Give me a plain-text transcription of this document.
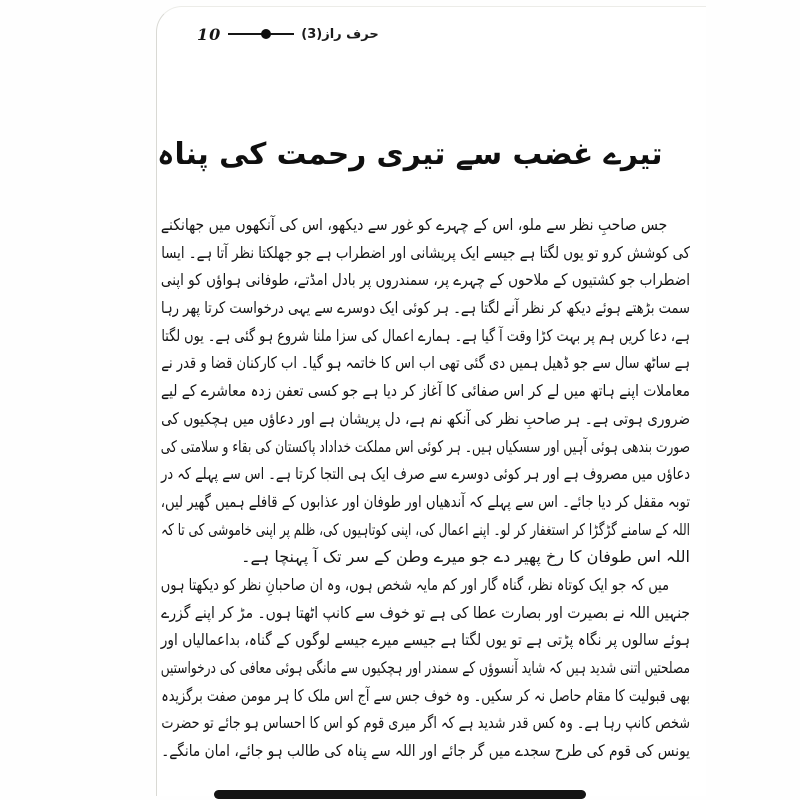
10	حرف راز(3)
تیرے غضب سے تیری رحمت کی پناہ
جس صاحبِ نظر سے ملو، اس کے چہرے کو غور سے دیکھو، اس کی آنکھوں میں جھانکنے
کی کوشش کرو تو یوں لگتا ہے جیسے ایک پریشانی اور اضطراب ہے جو جھلکتا نظر آتا ہے۔ ایسا
اضطراب جو کشتیوں کے ملاحوں کے چہرے پر، سمندروں پر بادل امڈتے، طوفانی ہواؤں کو اپنی
سمت بڑھتے ہوئے دیکھ کر نظر آنے لگتا ہے۔ ہر کوئی ایک دوسرے سے یہی درخواست کرتا پھر رہا
ہے، دعا کریں ہم پر بہت کڑا وقت آ گیا ہے۔ ہمارے اعمال کی سزا ملنا شروع ہو گئی ہے۔ یوں لگتا
ہے ساٹھ سال سے جو ڈھیل ہمیں دی گئی تھی اب اس کا خاتمہ ہو گیا۔ اب کارکنان قضا و قدر نے
معاملات اپنے ہاتھ میں لے کر اس صفائی کا آغاز کر دیا ہے جو کسی تعفن زدہ معاشرے کے لیے
ضروری ہوتی ہے۔ ہر صاحبِ نظر کی آنکھ نم ہے، دل پریشان ہے اور دعاؤں میں ہچکیوں کی
صورت بندھی ہوئی آہیں اور سسکیاں ہیں۔ ہر کوئی اس مملکت خداداد پاکستان کی بقاء و سلامتی کی
دعاؤں میں مصروف ہے اور ہر کوئی دوسرے سے صرف ایک ہی التجا کرتا ہے۔ اس سے پہلے کہ در
توبہ مقفل کر دیا جائے۔ اس سے پہلے کہ آندھیاں اور طوفان اور عذابوں کے قافلے ہمیں گھیر لیں،
اللہ کے سامنے گڑگڑا کر استغفار کر لو۔ اپنے اعمال کی، اپنی کوتاہیوں کی، ظلم پر اپنی خاموشی کی تا کہ
اللہ اس طوفان کا رخ پھیر دے جو میرے وطن کے سر تک آ پہنچا ہے۔
میں کہ جو ایک کوتاہ نظر، گناہ گار اور کم مایہ شخص ہوں، وہ ان صاحبانِ نظر کو دیکھتا ہوں
جنہیں اللہ نے بصیرت اور بصارت عطا کی ہے تو خوف سے کانپ اٹھتا ہوں۔ مڑ کر اپنے گزرے
ہوئے سالوں پر نگاہ پڑتی ہے تو یوں لگتا ہے جیسے میرے جیسے لوگوں کے گناہ، بداعمالیاں اور
مصلحتیں اتنی شدید ہیں کہ شاید آنسوؤں کے سمندر اور ہچکیوں سے مانگی ہوئی معافی کی درخواستیں
بھی قبولیت کا مقام حاصل نہ کر سکیں۔ وہ خوف جس سے آج اس ملک کا ہر مومن صفت برگزیدہ
شخص کانپ رہا ہے۔ وہ کس قدر شدید ہے کہ اگر میری قوم کو اس کا احساس ہو جائے تو حضرت
یونس کی قوم کی طرح سجدے میں گر جائے اور اللہ سے پناہ کی طالب ہو جائے، امان مانگے۔
